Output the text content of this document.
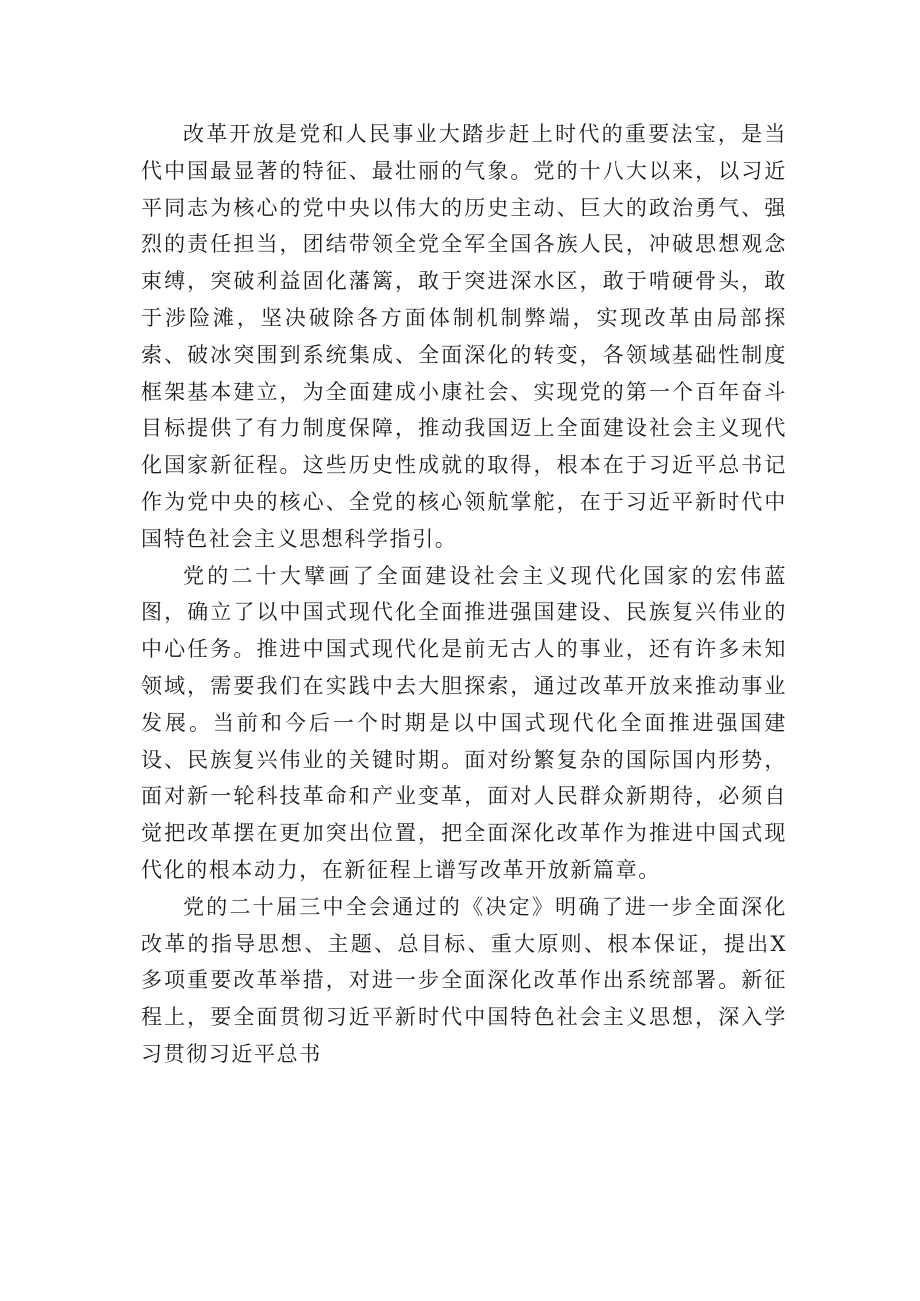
改革开放是党和人民事业大踏步赶上时代的重要法宝，是当代中国最显著的特征、最壮丽的气象。党的十八大以来，以习近平同志为核心的党中央以伟大的历史主动、巨大的政治勇气、强烈的责任担当，团结带领全党全军全国各族人民，冲破思想观念束缚，突破利益固化藩篱，敢于突进深水区，敢于啃硬骨头，敢于涉险滩，坚决破除各方面体制机制弊端，实现改革由局部探索、破冰突围到系统集成、全面深化的转变，各领域基础性制度框架基本建立，为全面建成小康社会、实现党的第一个百年奋斗目标提供了有力制度保障，推动我国迈上全面建设社会主义现代化国家新征程。这些历史性成就的取得，根本在于习近平总书记作为党中央的核心、全党的核心领航掌舵，在于习近平新时代中国特色社会主义思想科学指引。

党的二十大擘画了全面建设社会主义现代化国家的宏伟蓝图，确立了以中国式现代化全面推进强国建设、民族复兴伟业的中心任务。推进中国式现代化是前无古人的事业，还有许多未知领域，需要我们在实践中去大胆探索，通过改革开放来推动事业发展。当前和今后一个时期是以中国式现代化全面推进强国建设、民族复兴伟业的关键时期。面对纷繁复杂的国际国内形势，面对新一轮科技革命和产业变革，面对人民群众新期待，必须自觉把改革摆在更加突出位置，把全面深化改革作为推进中国式现代化的根本动力，在新征程上谱写改革开放新篇章。

党的二十届三中全会通过的《决定》明确了进一步全面深化改革的指导思想、主题、总目标、重大原则、根本保证，提出X多项重要改革举措，对进一步全面深化改革作出系统部署。新征程上，要全面贯彻习近平新时代中国特色社会主义思想，深入学习贯彻习近平总书
